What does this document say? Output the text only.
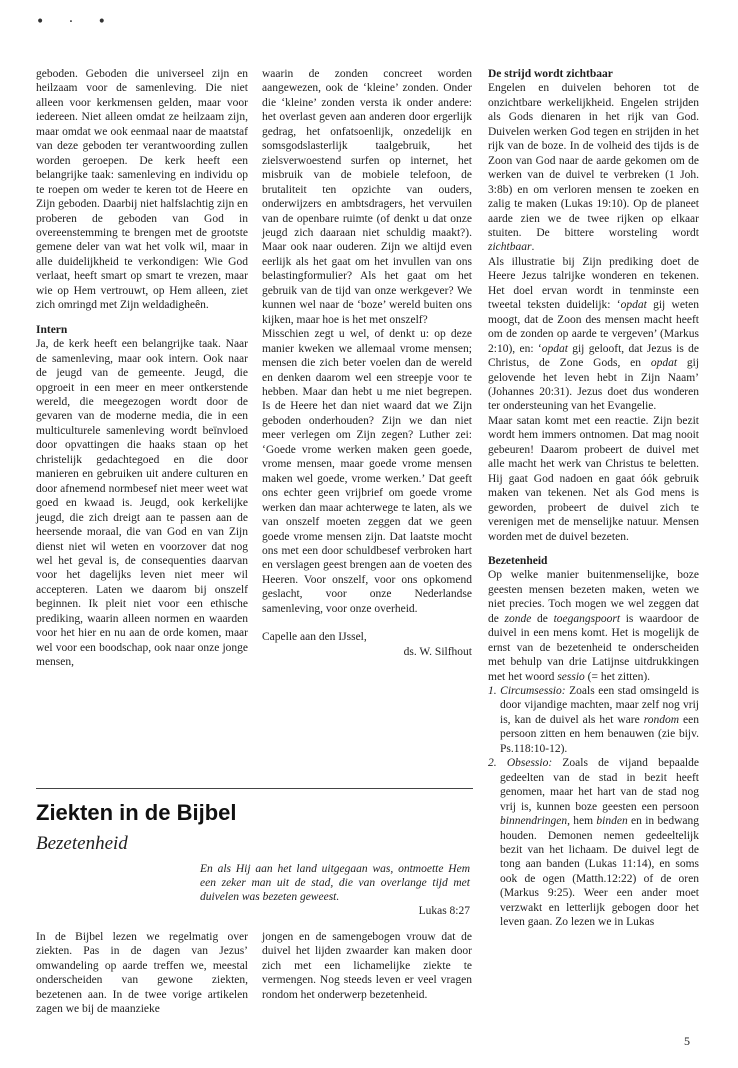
• · •

geboden. Geboden die universeel zijn en heilzaam voor de samenleving. Die niet alleen voor kerkmensen gelden, maar voor iedereen. Niet alleen omdat ze heilzaam zijn, maar omdat we ook eenmaal naar de maatstaf van deze geboden ter verantwoording zullen worden geroepen. De kerk heeft een belangrijke taak: samenleving en individu op te roepen om weder te keren tot de Heere en Zijn geboden. Daarbij niet halfslachtig zijn en proberen de geboden van God in overeenstemming te brengen met de grootste gemene deler van wat het volk wil, maar in alle duidelijkheid te verkondigen: Wie God verlaat, heeft smart op smart te vrezen, maar wie op Hem vertrouwt, op Hem alleen, ziet zich omringd met Zijn weldadigheên.

Intern

Ja, de kerk heeft een belangrijke taak. Naar de samenleving, maar ook intern. Ook naar de jeugd van de gemeente. Jeugd, die opgroeit in een meer en meer ontkerstende wereld, die meegezogen wordt door de gevaren van de moderne media, die in een multiculturele samenleving wordt beïnvloed door opvattingen die haaks staan op het christelijk gedachtegoed en die door manieren en gebruiken uit andere culturen en door afnemend normbesef niet meer weet wat goed en kwaad is. Jeugd, ook kerkelijke jeugd, die zich dreigt aan te passen aan de heersende moraal, die van God en van Zijn dienst niet wil weten en voorzover dat nog wel het geval is, de consequenties daarvan voor het dagelijks leven niet meer wil accepteren. Laten we daarom bij onszelf beginnen. Ik pleit niet voor een ethische prediking, waarin alleen normen en waarden voor het hier en nu aan de orde komen, maar wel voor een boodschap, ook naar onze jonge mensen,

waarin de zonden concreet worden aangewezen, ook de ‘kleine’ zonden. Onder die ‘kleine’ zonden versta ik onder andere: het overlast geven aan anderen door ergerlijk gedrag, het onfatsoenlijk, onzedelijk en somsgodslasterlijk taalgebruik, het zielsverwoestend surfen op internet, het misbruik van de mobiele telefoon, de brutaliteit ten opzichte van ouders, onderwijzers en ambtsdragers, het vervuilen van de openbare ruimte (of denkt u dat onze jeugd zich daaraan niet schuldig maakt?). Maar ook naar ouderen. Zijn we altijd even eerlijk als het gaat om het invullen van ons belastingformulier? Als het gaat om het gebruik van de tijd van onze werkgever? We kunnen wel naar de ‘boze’ wereld buiten ons kijken, maar hoe is het met onszelf?

Misschien zegt u wel, of denkt u: op deze manier kweken we allemaal vrome mensen; mensen die zich beter voelen dan de wereld en denken daarom wel een streepje voor te hebben. Maar dan hebt u me niet begrepen. Is de Heere het dan niet waard dat we Zijn geboden onderhouden? Zijn we dan niet meer verlegen om Zijn zegen? Luther zei: ‘Goede vrome werken maken geen goede, vrome mensen, maar goede vrome mensen maken wel goede, vrome werken.’ Dat geeft ons echter geen vrijbrief om goede vrome werken dan maar achterwege te laten, als we van onszelf moeten zeggen dat we geen goede vrome mensen zijn. Dat laatste mocht ons met een door schuldbesef verbroken hart en verslagen geest brengen aan de voeten des Heeren. Voor onszelf, voor ons opkomend geslacht, voor onze Nederlandse samenleving, voor onze overheid.

Capelle aan den IJssel,
ds. W. Silfhout
De strijd wordt zichtbaar

Engelen en duivelen behoren tot de onzichtbare werkelijkheid. Engelen strijden als Gods dienaren in het rijk van God. Duivelen werken God tegen en strijden in het rijk van de boze. In de volheid des tijds is de Zoon van God naar de aarde gekomen om de werken van de duivel te verbreken (1 Joh. 3:8b) en om verloren mensen te zoeken en zalig te maken (Lukas 19:10). Op de planeet aarde zien we de twee rijken op elkaar stuiten. De bittere worsteling wordt zichtbaar.

Als illustratie bij Zijn prediking doet de Heere Jezus talrijke wonderen en tekenen. Het doel ervan wordt in tenminste een tweetal teksten duidelijk: ‘opdat gij weten moogt, dat de Zoon des mensen macht heeft om de zonden op aarde te vergeven’ (Markus 2:10), en: ‘opdat gij gelooft, dat Jezus is de Christus, de Zone Gods, en opdat gij gelovende het leven hebt in Zijn Naam’ (Johannes 20:31). Jezus doet dus wonderen ter ondersteuning van het Evangelie.

Maar satan komt met een reactie. Zijn bezit wordt hem immers ontnomen. Dat mag nooit gebeuren! Daarom probeert de duivel met alle macht het werk van Christus te beletten. Hij gaat God nadoen en gaat óók gebruik maken van tekenen. Net als God mens is geworden, probeert de duivel zich te verenigen met de menselijke natuur. Mensen worden met de duivel bezeten.

Bezetenheid

Op welke manier buitenmenselijke, boze geesten mensen bezeten maken, weten we niet precies. Toch mogen we wel zeggen dat de zonde de toegangspoort is waardoor de duivel in een mens komt. Het is mogelijk de ernst van de bezetenheid te onderscheiden met behulp van drie Latijnse uitdrukkingen met het woord sessio (= het zitten).

1. Circumsessio: Zoals een stad omsingeld is door vijandige machten, maar zelf nog vrij is, kan de duivel als het ware rondom een persoon zitten en hem benauwen (zie bijv. Ps.118:10-12).
2. Obsessio: Zoals de vijand bepaalde gedeelten van de stad in bezit heeft genomen, maar het hart van de stad nog vrij is, kunnen boze geesten een persoon binnendringen, hem binden en in bedwang houden. Demonen nemen gedeeltelijk bezit van het lichaam. De duivel legt de tong aan banden (Lukas 11:14), en soms ook de ogen (Matth.12:22) of de oren (Markus 9:25). Weer een ander moet verzwakt en letterlijk gebogen door het leven gaan. Zo lezen we in Lukas
Ziekten in de Bijbel
Bezetenheid
En als Hij aan het land uitgegaan was, ontmoette Hem een zeker man uit de stad, die van overlange tijd met duivelen was bezeten geweest.
Lukas 8:27

In de Bijbel lezen we regelmatig over ziekten. Pas in de dagen van Jezus’ omwandeling op aarde treffen we, meestal onderscheiden van gewone ziekten, bezetenen aan. In de twee vorige artikelen zagen we bij de maanzieke

jongen en de samengebogen vrouw dat de duivel het lijden zwaarder kan maken door zich met een lichamelijke ziekte te vermengen. Nog steeds leven er veel vragen rondom het onderwerp bezetenheid.

5
